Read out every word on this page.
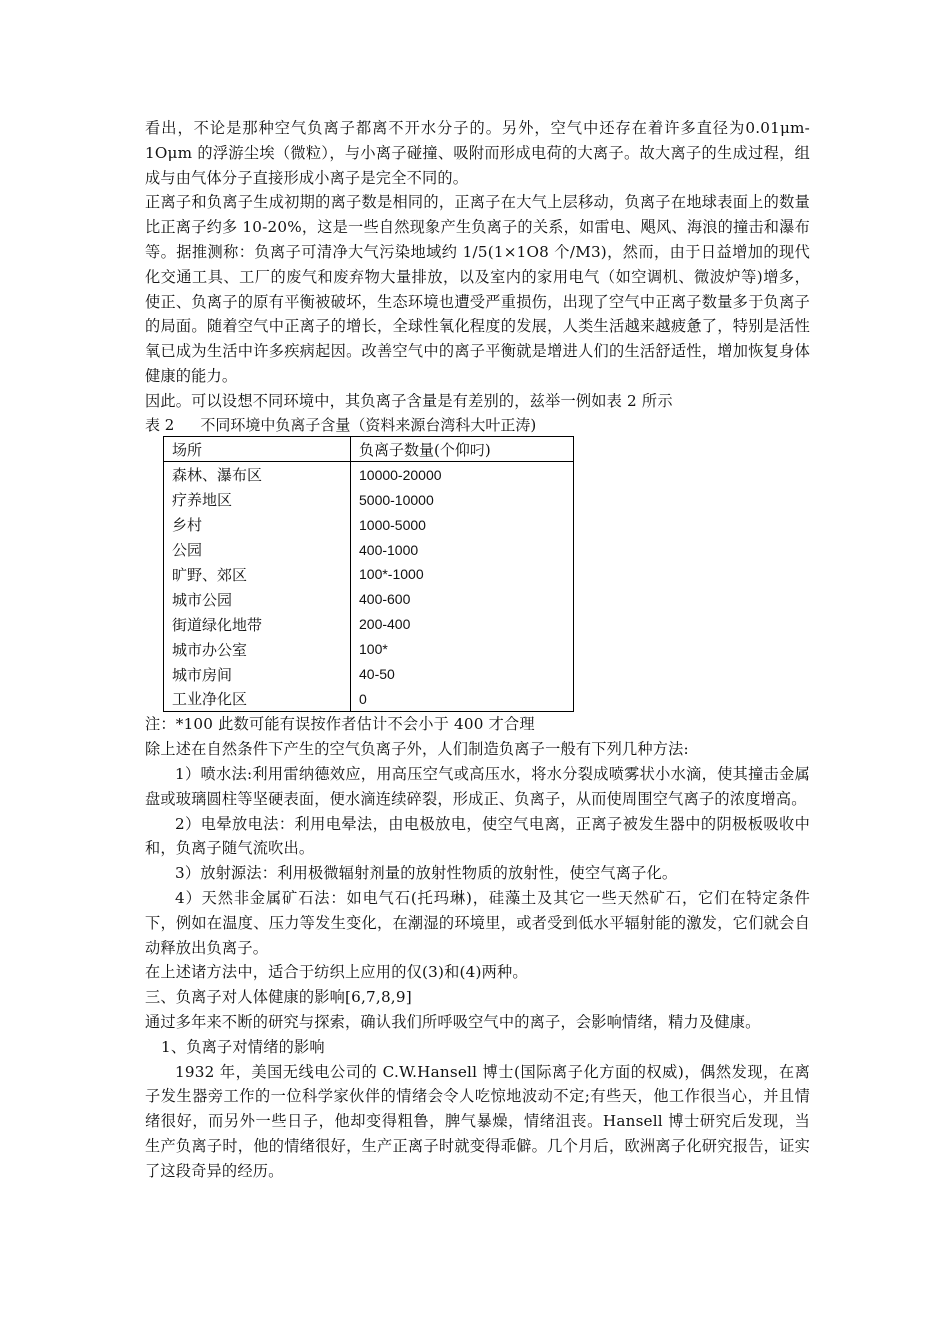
看出，不论是那种空气负离子都离不开水分子的。另外，空气中还存在着许多直径为0.01μm-1Oμm 的浮游尘埃（微粒），与小离子碰撞、吸附而形成电荷的大离子。故大离子的生成过程，组成与由气体分子直接形成小离子是完全不同的。

正离子和负离子生成初期的离子数是相同的，正离子在大气上层移动，负离子在地球表面上的数量比正离子约多 10-20%，这是一些自然现象产生负离子的关系，如雷电、飓风、海浪的撞击和瀑布等。据推测称：负离子可清净大气污染地域约 1/5(1×1O8 个/M3)，然而，由于日益增加的现代化交通工具、工厂的废气和废弃物大量排放，以及室内的家用电气（如空调机、微波炉等)增多，使正、负离子的原有平衡被破坏，生态环境也遭受严重损伤，出现了空气中正离子数量多于负离子的局面。随着空气中正离子的增长，全球性氧化程度的发展，人类生活越来越疲惫了，特别是活性氧已成为生活中许多疾病起因。改善空气中的离子平衡就是增进人们的生活舒适性，增加恢复身体健康的能力。

因此。可以设想不同环境中，其负离子含量是有差别的，兹举一例如表 2 所示

表 2 不同环境中负离子含量（资料来源台湾科大叶正涛)

场所	负离子数量(个仰叼)
森林、瀑布区	10000-20000
疗养地区	5000-10000
乡村	1000-5000
公园	400-1000
旷野、郊区	100*-1000
城市公园	400-600
街道绿化地带	200-400
城市办公室	100*
城市房间	40-50
工业净化区	0

注：*100 此数可能有误按作者估计不会小于 400 才合理

除上述在自然条件下产生的空气负离子外，人们制造负离子一般有下列几种方法:

1）喷水法:利用雷纳德效应，用高压空气或高压水，将水分裂成喷雾状小水滴，使其撞击金属盘或玻璃圆柱等坚硬表面，便水滴连续碎裂，形成正、负离子，从而使周围空气离子的浓度增高。

2）电晕放电法：利用电晕法，由电极放电，使空气电离，正离子被发生器中的阴极板吸收中和，负离子随气流吹出。

3）放射源法：利用极微辐射剂量的放射性物质的放射性，使空气离子化。

4）天然非金属矿石法：如电气石(托玛琳)，硅藻土及其它一些天然矿石，它们在特定条件下，例如在温度、压力等发生变化，在潮湿的环境里，或者受到低水平辐射能的激发，它们就会自动释放出负离子。

在上述诸方法中，适合于纺织上应用的仅(3)和(4)两种。

三、负离子对人体健康的影响[6,7,8,9]

通过多年来不断的研究与探索，确认我们所呼吸空气中的离子，会影响情绪，精力及健康。

1、负离子对情绪的影响

1932 年，美国无线电公司的 C.W.Hansell 博士(国际离子化方面的权威)，偶然发现，在离子发生器旁工作的一位科学家伙伴的情绪会令人吃惊地波动不定;有些天，他工作很当心，并且情绪很好，而另外一些日子，他却变得粗鲁，脾气暴燥，情绪沮丧。Hansell 博士研究后发现，当生产负离子时，他的情绪很好，生产正离子时就变得乖僻。几个月后，欧洲离子化研究报告，证实了这段奇异的经历。
